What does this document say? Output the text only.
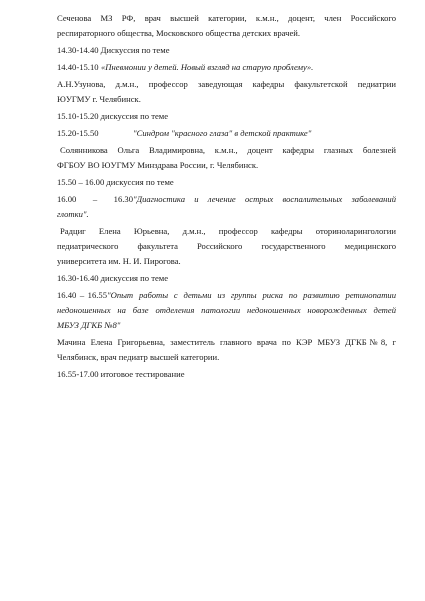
Сеченова МЗ РФ, врач высшей категории, к.м.н., доцент, член Российского
респираторного общества, Московского общества детских врачей.
14.30-14.40 Дискуссия по теме
14.40-15.10 «Пневмонии у детей. Новый взгляд на старую проблему».
А.Н.Узунова, д.м.н., профессор заведующая кафедры факультетской педиатрии
ЮУГМУ г. Челябинск.
15.10-15.20 дискуссия по теме
15.20-15.50	"Синдром "красного глаза" в детской практике"
Солянникова Ольга Владимировна, к.м.н., доцент кафедры глазных болезней
ФГБОУ ВО ЮУГМУ Минздрава России, г. Челябинск.
15.50 – 16.00 дискуссия по теме
16.00 – 16.30"Диагностика и лечение острых воспалительных заболеваний
глотки".
Радциг Елена Юрьевна, д.м.н., профессор кафедры оториноларингологии
педиатрического факультета Российского государственного медицинского
университета им. Н. И. Пирогова.
16.30-16.40 дискуссия по теме
16.40 – 16.55"Опыт работы с детьми из группы риска по развитию ретинопатии
недоношенных на базе отделения патологии недоношенных новорожденных детей
МБУЗ ДГКБ №8"
Мачина Елена Григорьевна, заместитель главного врача по КЭР МБУЗ ДГКБ№8, г
Челябинск, врач педиатр высшей категории.
16.55-17.00 итоговое тестирование
